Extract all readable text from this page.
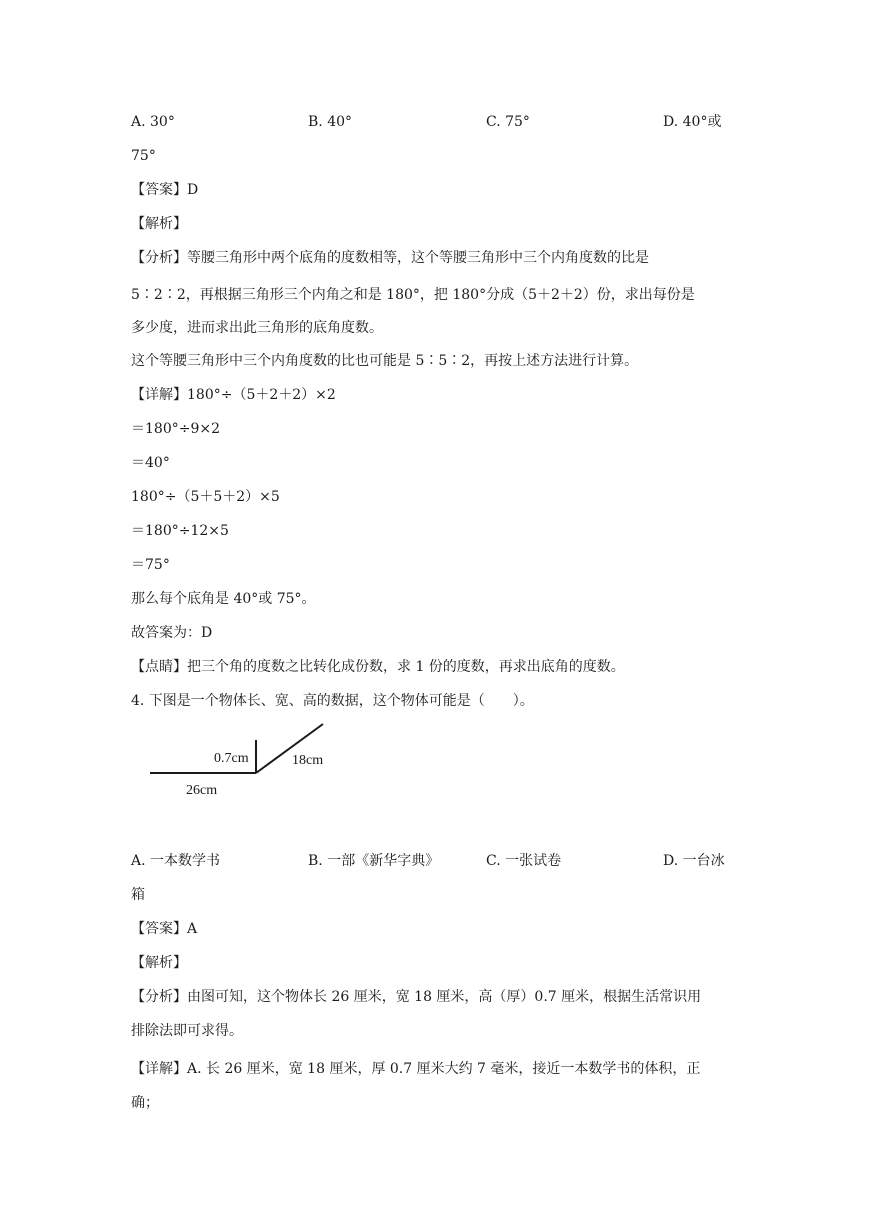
A. 30°	B. 40°	C. 75°	D. 40°或
75°
【答案】D
【解析】
【分析】等腰三角形中两个底角的度数相等，这个等腰三角形中三个内角度数的比是
5∶2∶2，再根据三角形三个内角之和是 180°，把 180°分成（5＋2＋2）份，求出每份是
多少度，进而求出此三角形的底角度数。
这个等腰三角形中三个内角度数的比也可能是 5∶5∶2，再按上述方法进行计算。
【详解】180°÷（5＋2＋2）×2
＝180°÷9×2
＝40°
180°÷（5＋5＋2）×5
＝180°÷12×5
＝75°
那么每个底角是 40°或 75°。
故答案为：D
【点睛】把三个角的度数之比转化成份数，求 1 份的度数，再求出底角的度数。
4. 下图是一个物体长、宽、高的数据，这个物体可能是（　　）。
0.7cm	18cm
26cm
A. 一本数学书	B. 一部《新华字典》	C. 一张试卷	D. 一台冰
箱
【答案】A
【解析】
【分析】由图可知，这个物体长 26 厘米，宽 18 厘米，高（厚）0.7 厘米，根据生活常识用
排除法即可求得。
【详解】A. 长 26 厘米，宽 18 厘米，厚 0.7 厘米大约 7 毫米，接近一本数学书的体积，正
确；
